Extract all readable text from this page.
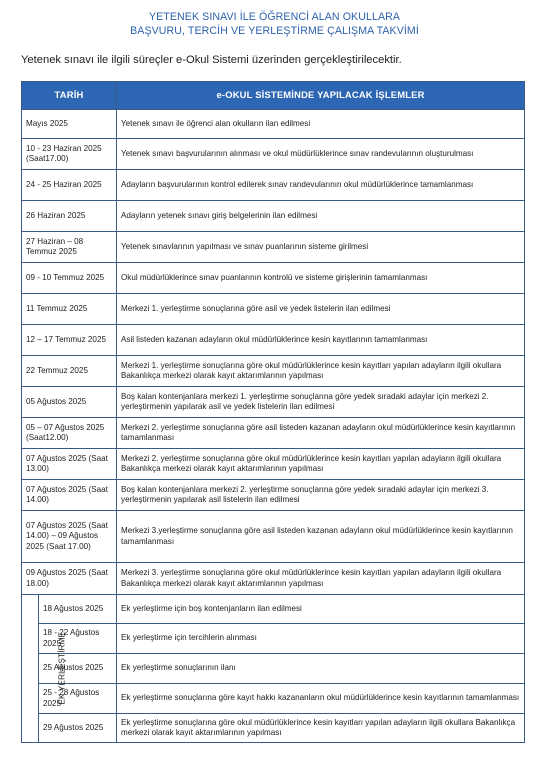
YETENEK SINAVI İLE ÖĞRENCİ ALAN OKULLARA
BAŞVURU, TERCİH VE YERLEŞTİRME ÇALIŞMA TAKVİMİ
Yetenek sınavı ile ilgili süreçler e-Okul Sistemi üzerinden gerçekleştirilecektir.
TARİH		e-OKUL SİSTEMİNDE YAPILACAK İŞLEMLER
Mayıs 2025		Yetenek sınavı ile öğrenci alan okulların ilan edilmesi
10 - 23 Haziran 2025 (Saat17.00)		Yetenek sınavı başvurularının alınması ve okul müdürlüklerince sınav randevularının oluşturulması
24 - 25 Haziran 2025		Adayların başvurularının kontrol edilerek sınav randevularının okul müdürlüklerince tamamlanması
26 Haziran 2025		Adayların yetenek sınavı giriş belgelerinin ilan edilmesi
27 Haziran – 08 Temmuz 2025		Yetenek sınavlarının yapılması ve sınav puanlarının sisteme girilmesi
09 - 10 Temmuz 2025		Okul müdürlüklerince sınav puanlarının kontrolü ve sisteme girişlerinin tamamlanması
11 Temmuz 2025		Merkezi 1. yerleştirme sonuçlarına göre asil ve yedek listelerin ilan edilmesi
12 – 17 Temmuz 2025		Asil listeden kazanan adayların okul müdürlüklerince kesin kayıtlarının tamamlanması
22 Temmuz 2025		Merkezi 1. yerleştirme sonuçlarına göre okul müdürlüklerince kesin kayıtları yapılan adayların ilgili okullara Bakanlıkça merkezi olarak kayıt aktarımlarının yapılması
05 Ağustos 2025		Boş kalan kontenjanlara merkezi 1. yerleştirme sonuçlarına göre yedek sıradaki adaylar için merkezi 2. yerleştirmenin yapılarak asil ve yedek listelerin ilan edilmesi
05 – 07 Ağustos 2025 (Saat12.00)		Merkezi 2. yerleştirme sonuçlarına göre asil listeden kazanan adayların okul müdürlüklerince kesin kayıtlarının tamamlanması
07 Ağustos 2025 (Saat 13.00)		Merkezi 2. yerleştirme sonuçlarına göre okul müdürlüklerince kesin kayıtları yapılan adayların ilgili okullara Bakanlıkça merkezi olarak kayıt aktarımlarının yapılması
07 Ağustos 2025 (Saat 14.00)		Boş kalan kontenjanlara merkezi 2. yerleştirme sonuçlarına göre yedek sıradaki adaylar için merkezi 3. yerleştirmenin yapılarak asil listelerin ilan edilmesi
07 Ağustos 2025 (Saat 14.00) – 09 Ağustos 2025 (Saat 17.00)		Merkezi 3.yerleştirme sonuçlarına göre asil listeden kazanan adayların okul müdürlüklerince kesin kayıtlarının tamamlanması
09 Ağustos 2025 (Saat 18.00)		Merkezi 3. yerleştirme sonuçlarına göre okul müdürlüklerince kesin kayıtları yapılan adayların ilgili okullara Bakanlıkça merkezi olarak kayıt aktarımlarının yapılması
EK YERLEŞTİRME	18 Ağustos 2025	Ek yerleştirme için boş kontenjanların ilan edilmesi
	18 - 22 Ağustos 2025	Ek yerleştirme için tercihlerin alınması
	25 Ağustos 2025	Ek yerleştirme sonuçlarının ilanı
	25 - 28 Ağustos 2025	Ek yerleştirme sonuçlarına göre kayıt hakkı kazananların okul müdürlüklerince kesin kayıtlarının tamamlanması
	29 Ağustos 2025	Ek yerleştirme sonuçlarına göre okul müdürlüklerince kesin kayıtları yapılan adayların ilgili okullara Bakanlıkça merkezi olarak kayıt aktarımlarının yapılması
